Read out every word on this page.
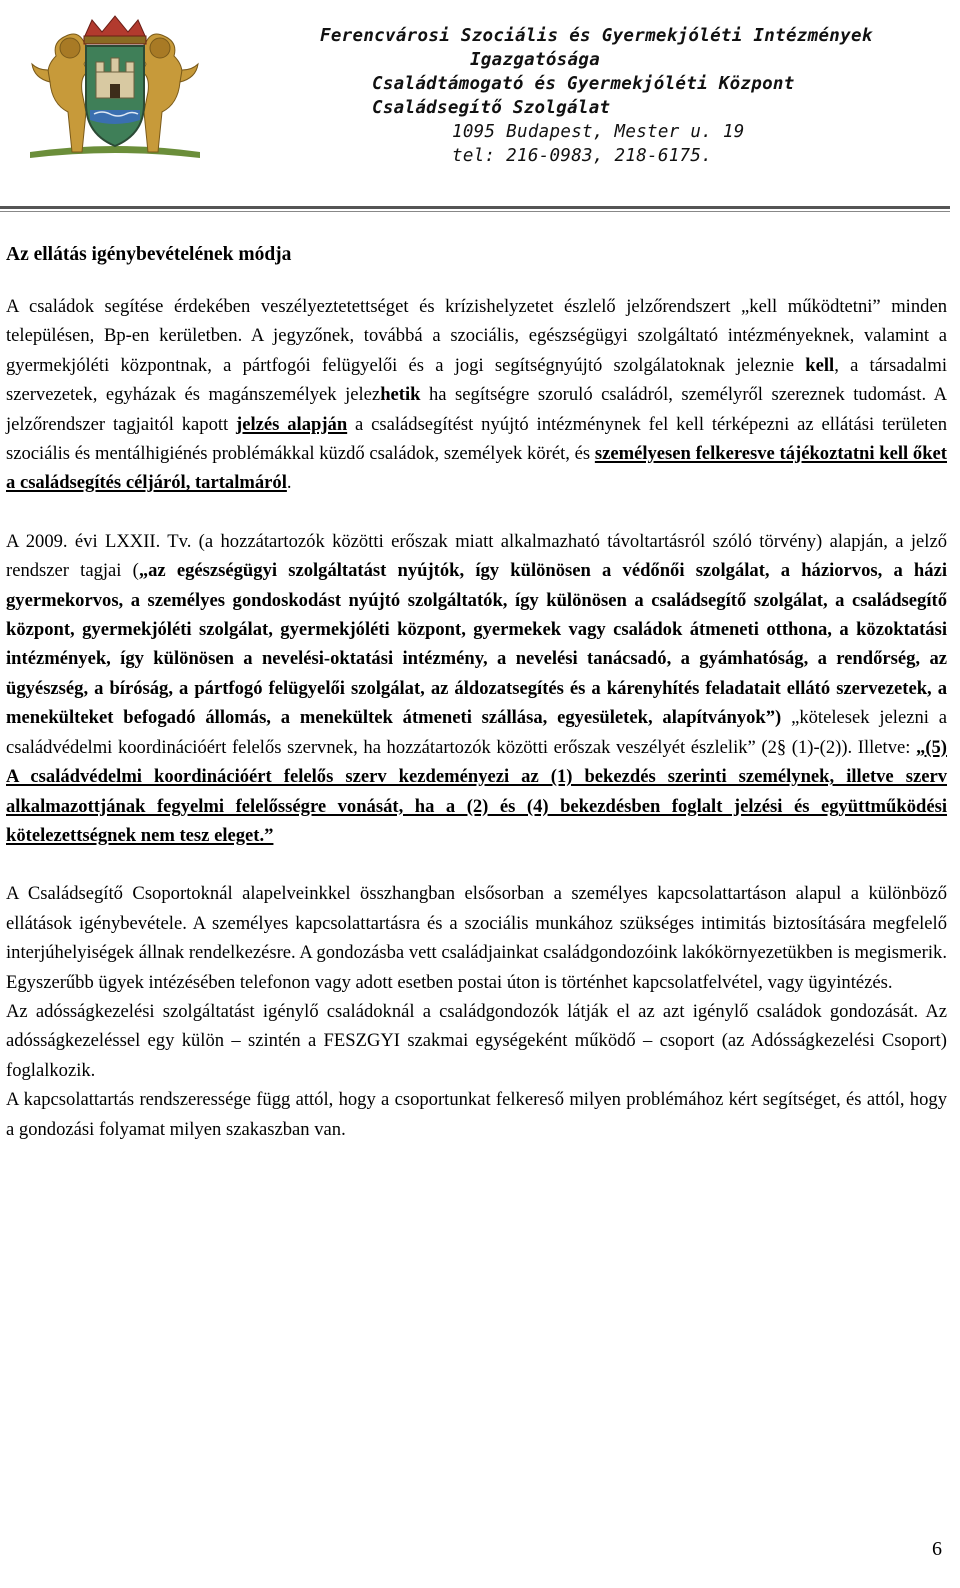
Ferencvárosi Szociális és Gyermekjóléti Intézmények
Igazgatósága
Családtámogató és Gyermekjóléti Központ
Családsegítő Szolgálat
1095 Budapest, Mester u. 19
tel: 216-0983, 218-6175.
Az ellátás igénybevételének módja

A családok segítése érdekében veszélyeztetettséget és krízishelyzetet észlelő jelzőrendszert „kell működtetni” minden településen, Bp-en kerületben. A jegyzőnek, továbbá a szociális, egészségügyi szolgáltató intézményeknek, valamint a gyermekjóléti központnak, a pártfogói felügyelői és a jogi segítségnyújtó szolgálatoknak jeleznie kell, a társadalmi szervezetek, egyházak és magánszemélyek jelezhetik ha segítségre szoruló családról, személyről szereznek tudomást. A jelzőrendszer tagjaitól kapott jelzés alapján a családsegítést nyújtó intézménynek fel kell térképezni az ellátási területen szociális és mentálhigiénés problémákkal küzdő családok, személyek körét, és személyesen felkeresve tájékoztatni kell őket a családsegítés céljáról, tartalmáról.

A 2009. évi LXXII. Tv. (a hozzátartozók közötti erőszak miatt alkalmazható távoltartásról szóló törvény) alapján, a jelző rendszer tagjai („az egészségügyi szolgáltatást nyújtók, így különösen a védőnői szolgálat, a háziorvos, a házi gyermekorvos, a személyes gondoskodást nyújtó szolgáltatók, így különösen a családsegítő szolgálat, a családsegítő központ, gyermekjóléti szolgálat, gyermekjóléti központ, gyermekek vagy családok átmeneti otthona, a közoktatási intézmények, így különösen a nevelési-oktatási intézmény, a nevelési tanácsadó, a gyámhatóság, a rendőrség, az ügyészség, a bíróság, a pártfogó felügyelői szolgálat, az áldozatsegítés és a kárenyhítés feladatait ellátó szervezetek, a menekülteket befogadó állomás, a menekültek átmeneti szállása, egyesületek, alapítványok”) „kötelesek jelezni a családvédelmi koordinációért felelős szervnek, ha hozzátartozók közötti erőszak veszélyét észlelik” (2§ (1)-(2)). Illetve: „(5) A családvédelmi koordinációért felelős szerv kezdeményezi az (1) bekezdés szerinti személynek, illetve szerv alkalmazottjának fegyelmi felelősségre vonását, ha a (2) és (4) bekezdésben foglalt jelzési és együttműködési kötelezettségnek nem tesz eleget.”

A Családsegítő Csoportoknál alapelveinkkel összhangban elsősorban a személyes kapcsolattartáson alapul a különböző ellátások igénybevétele. A személyes kapcsolattartásra és a szociális munkához szükséges intimitás biztosítására megfelelő interjúhelyiségek állnak rendelkezésre. A gondozásba vett családjainkat családgondozóink lakókörnyezetükben is megismerik. Egyszerűbb ügyek intézésében telefonon vagy adott esetben postai úton is történhet kapcsolatfelvétel, vagy ügyintézés.

Az adósságkezelési szolgáltatást igénylő családoknál a családgondozók látják el az azt igénylő családok gondozását. Az adósságkezeléssel egy külön – szintén a FESZGYI szakmai egységeként működő – csoport (az Adósságkezelési Csoport) foglalkozik.

A kapcsolattartás rendszeressége függ attól, hogy a csoportunkat felkereső milyen problémához kért segítséget, és attól, hogy a gondozási folyamat milyen szakaszban van.

6
